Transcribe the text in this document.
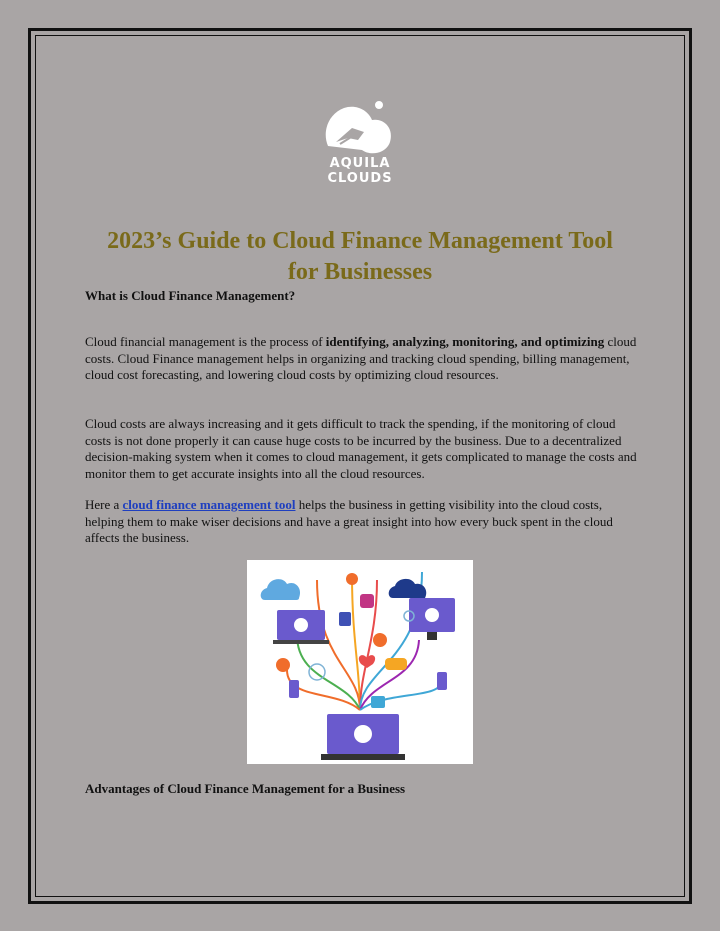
AQUILA
CLOUDS
2023’s Guide to Cloud Finance Management Tool
for Businesses
What is Cloud Finance Management?
Cloud financial management is the process of identifying, analyzing, monitoring, and optimizing cloud costs. Cloud Finance management helps in organizing and tracking cloud spending, billing management, cloud cost forecasting, and lowering cloud costs by optimizing cloud resources.
Cloud costs are always increasing and it gets difficult to track the spending, if the monitoring of cloud costs is not done properly it can cause huge costs to be incurred by the business. Due to a decentralized decision-making system when it comes to cloud management, it gets complicated to manage the costs and monitor them to get accurate insights into all the cloud resources.
Here a cloud finance management tool helps the business in getting visibility into the cloud costs, helping them to make wiser decisions and have a great insight into how every buck spent in the cloud affects the business.
Advantages of Cloud Finance Management for a Business
